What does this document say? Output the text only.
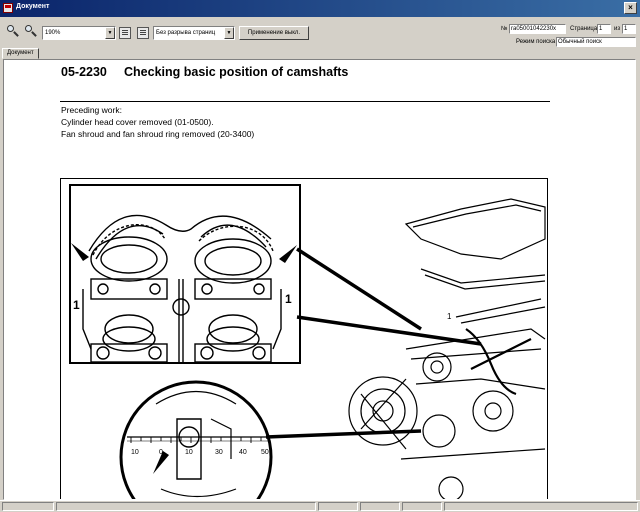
Документ	×
190%	▼	Без разрыва страниц	▼	Применение выкл.
№ ra05001042230x	Страница 1	из 1
Режим поиска Обычный поиск
Документ
05-2230 Checking basic position of camshafts
Preceding work:
Cylinder head cover removed (01-0500).
Fan shroud and fan shroud ring removed (20-3400)
1	1
1
10	0	10	30 40 50
